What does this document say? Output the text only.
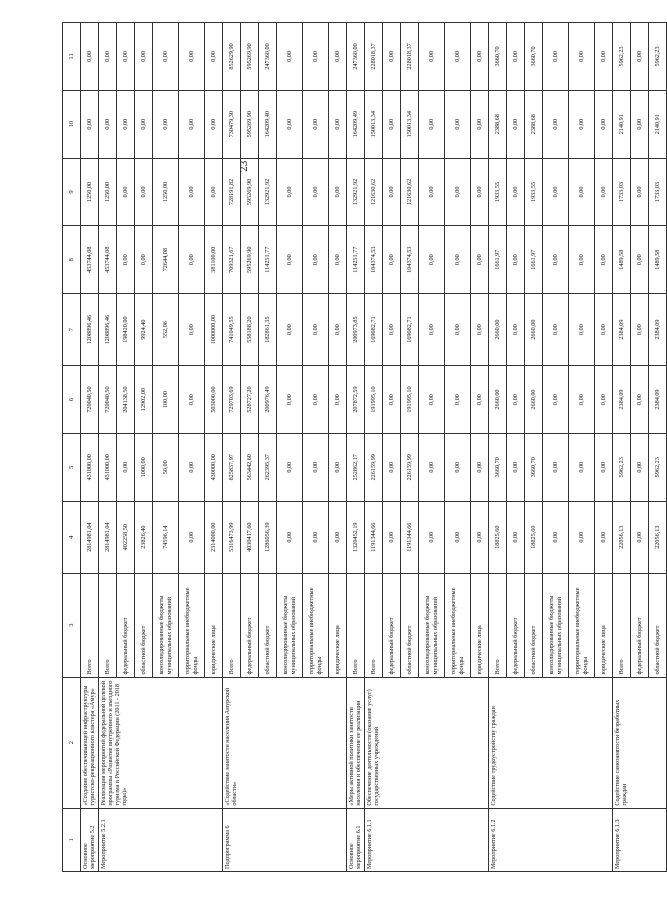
23
1	2	3	4	5	6	7	8	9	10	11
Основное мероприятие 5.2	«Создание обеспечивающей инфраструктуры туристско-рекреационного кластера «Амур»	Всего	2814981,04	431000,00	720040,50	1208896,46	453744,08	1250,00	0,00	0,00
Мероприятие 5.2.1	Реализация мероприятий федеральной целевой программы «Развитие внутреннего и въездного туризма в Российской Федерации (2011 - 2018 годы)»	Всего	2814981,04	431000,00	720040,50	1208896,46	453744,08	1250,00	0,00	0,00
		федеральный бюджет	402258,50	0,00	204138,50	198420,00	0,00	0,00	0,00	0,00
		областной бюджет	23826,40	1000,00	12902,00	9924,40	0,00	0,00	0,00	0,00
		консолидированные бюджеты муниципальных образований	74596,14	50,00	100,00	552,06	72644,08	1250,00	0,00	0,00
		территориальные внебюджетные фонды	0,00	0,00	0,00	0,00	0,00	0,00	0,00	0,00
		юридические лица	2314000,00	430000,00	503000,00	1000000,00	381100,00	0,00	0,00	0,00
Подпрограмма 6	«Содействие занятости населения Амурской области»	Всего	5316473,99	825837,97	729703,69	741049,55	709321,67	728191,82	730479,30	852629,90
		федеральный бюджет	4030417,60	563442,60	528727,20	558188,20	595269,90	595269,90	595269,90	595269,90
		областной бюджет	1286056,39	262395,37	200976,49	182861,35	114251,77	132921,92	164209,40	247360,00
		консолидированные бюджеты муниципальных образований	0,00	0,00	0,00	0,00	0,00	0,00	0,00	0,00
		территориальные внебюджетные фонды	0,00	0,00	0,00	0,00	0,00	0,00	0,00	0,00
		юридические лица	0,00	0,00	0,00	0,00	0,00	0,00	0,00	0,00
Основное мероприятие 6.1	«Меры активной политики занятости населения и обеспечение ее реализации	Всего	1320452,19	252862,17	207872,59	200973,85	114251,77	132921,92	164209,49	247360,00
Мероприятие 6.1.1	Обеспечение деятельности (оказание услуг) государственных учреждений	Всего	1191344,66	226159,99	191995,10	169082,71	104374,53	121630,62	150013,34	228018,37
		федеральный бюджет	0,00	0,00	0,00	0,00	0,00	0,00	0,00	0,00
		областной бюджет	1191344,66	226159,99	191995,10	169082,71	104374,53	121630,62	150013,34	228018,37
		консолидированные бюджеты муниципальных образований	0,00	0,00	0,00	0,00	0,00	0,00	0,00	0,00
		территориальные внебюджетные фонды	0,00	0,00	0,00	0,00	0,00	0,00	0,00	0,00
		юридические лица	0,00	0,00	0,00	0,00	0,00	0,00	0,00	0,00
Мероприятие 6.1.2	Содействие трудоустройству граждан	Всего	18825,60	3660,70	2660,00	2660,00	1661,97	1933,55	2388,68	3660,70
		федеральный бюджет	0,00	0,00	0,00	0,00	0,00	0,00	0,00	0,00
		областной бюджет	18825,60	3660,70	2660,00	2660,00	1661,97	1933,55	2388,68	3660,70
		консолидированные бюджеты муниципальных образований	0,00	0,00	0,00	0,00	0,00	0,00	0,00	0,00
		территориальные внебюджетные фонды	0,00	0,00	0,00	0,00	0,00	0,00	0,00	0,00
		юридические лица	0,00	0,00	0,00	0,00	0,00	0,00	0,00	0,00
Мероприятие 6.1.3	Содействие самозанятости безработных граждан	Всего	22056,13	5962,23	2384,09	2384,09	1489,58	1733,03	2140,91	5962,23
		федеральный бюджет	0,00	0,00	0,00	0,00	0,00	0,00	0,00	0,00
		областной бюджет	22056,13	5962,23	2384,09	2384,09	1489,58	1733,03	2140,91	5962,23
